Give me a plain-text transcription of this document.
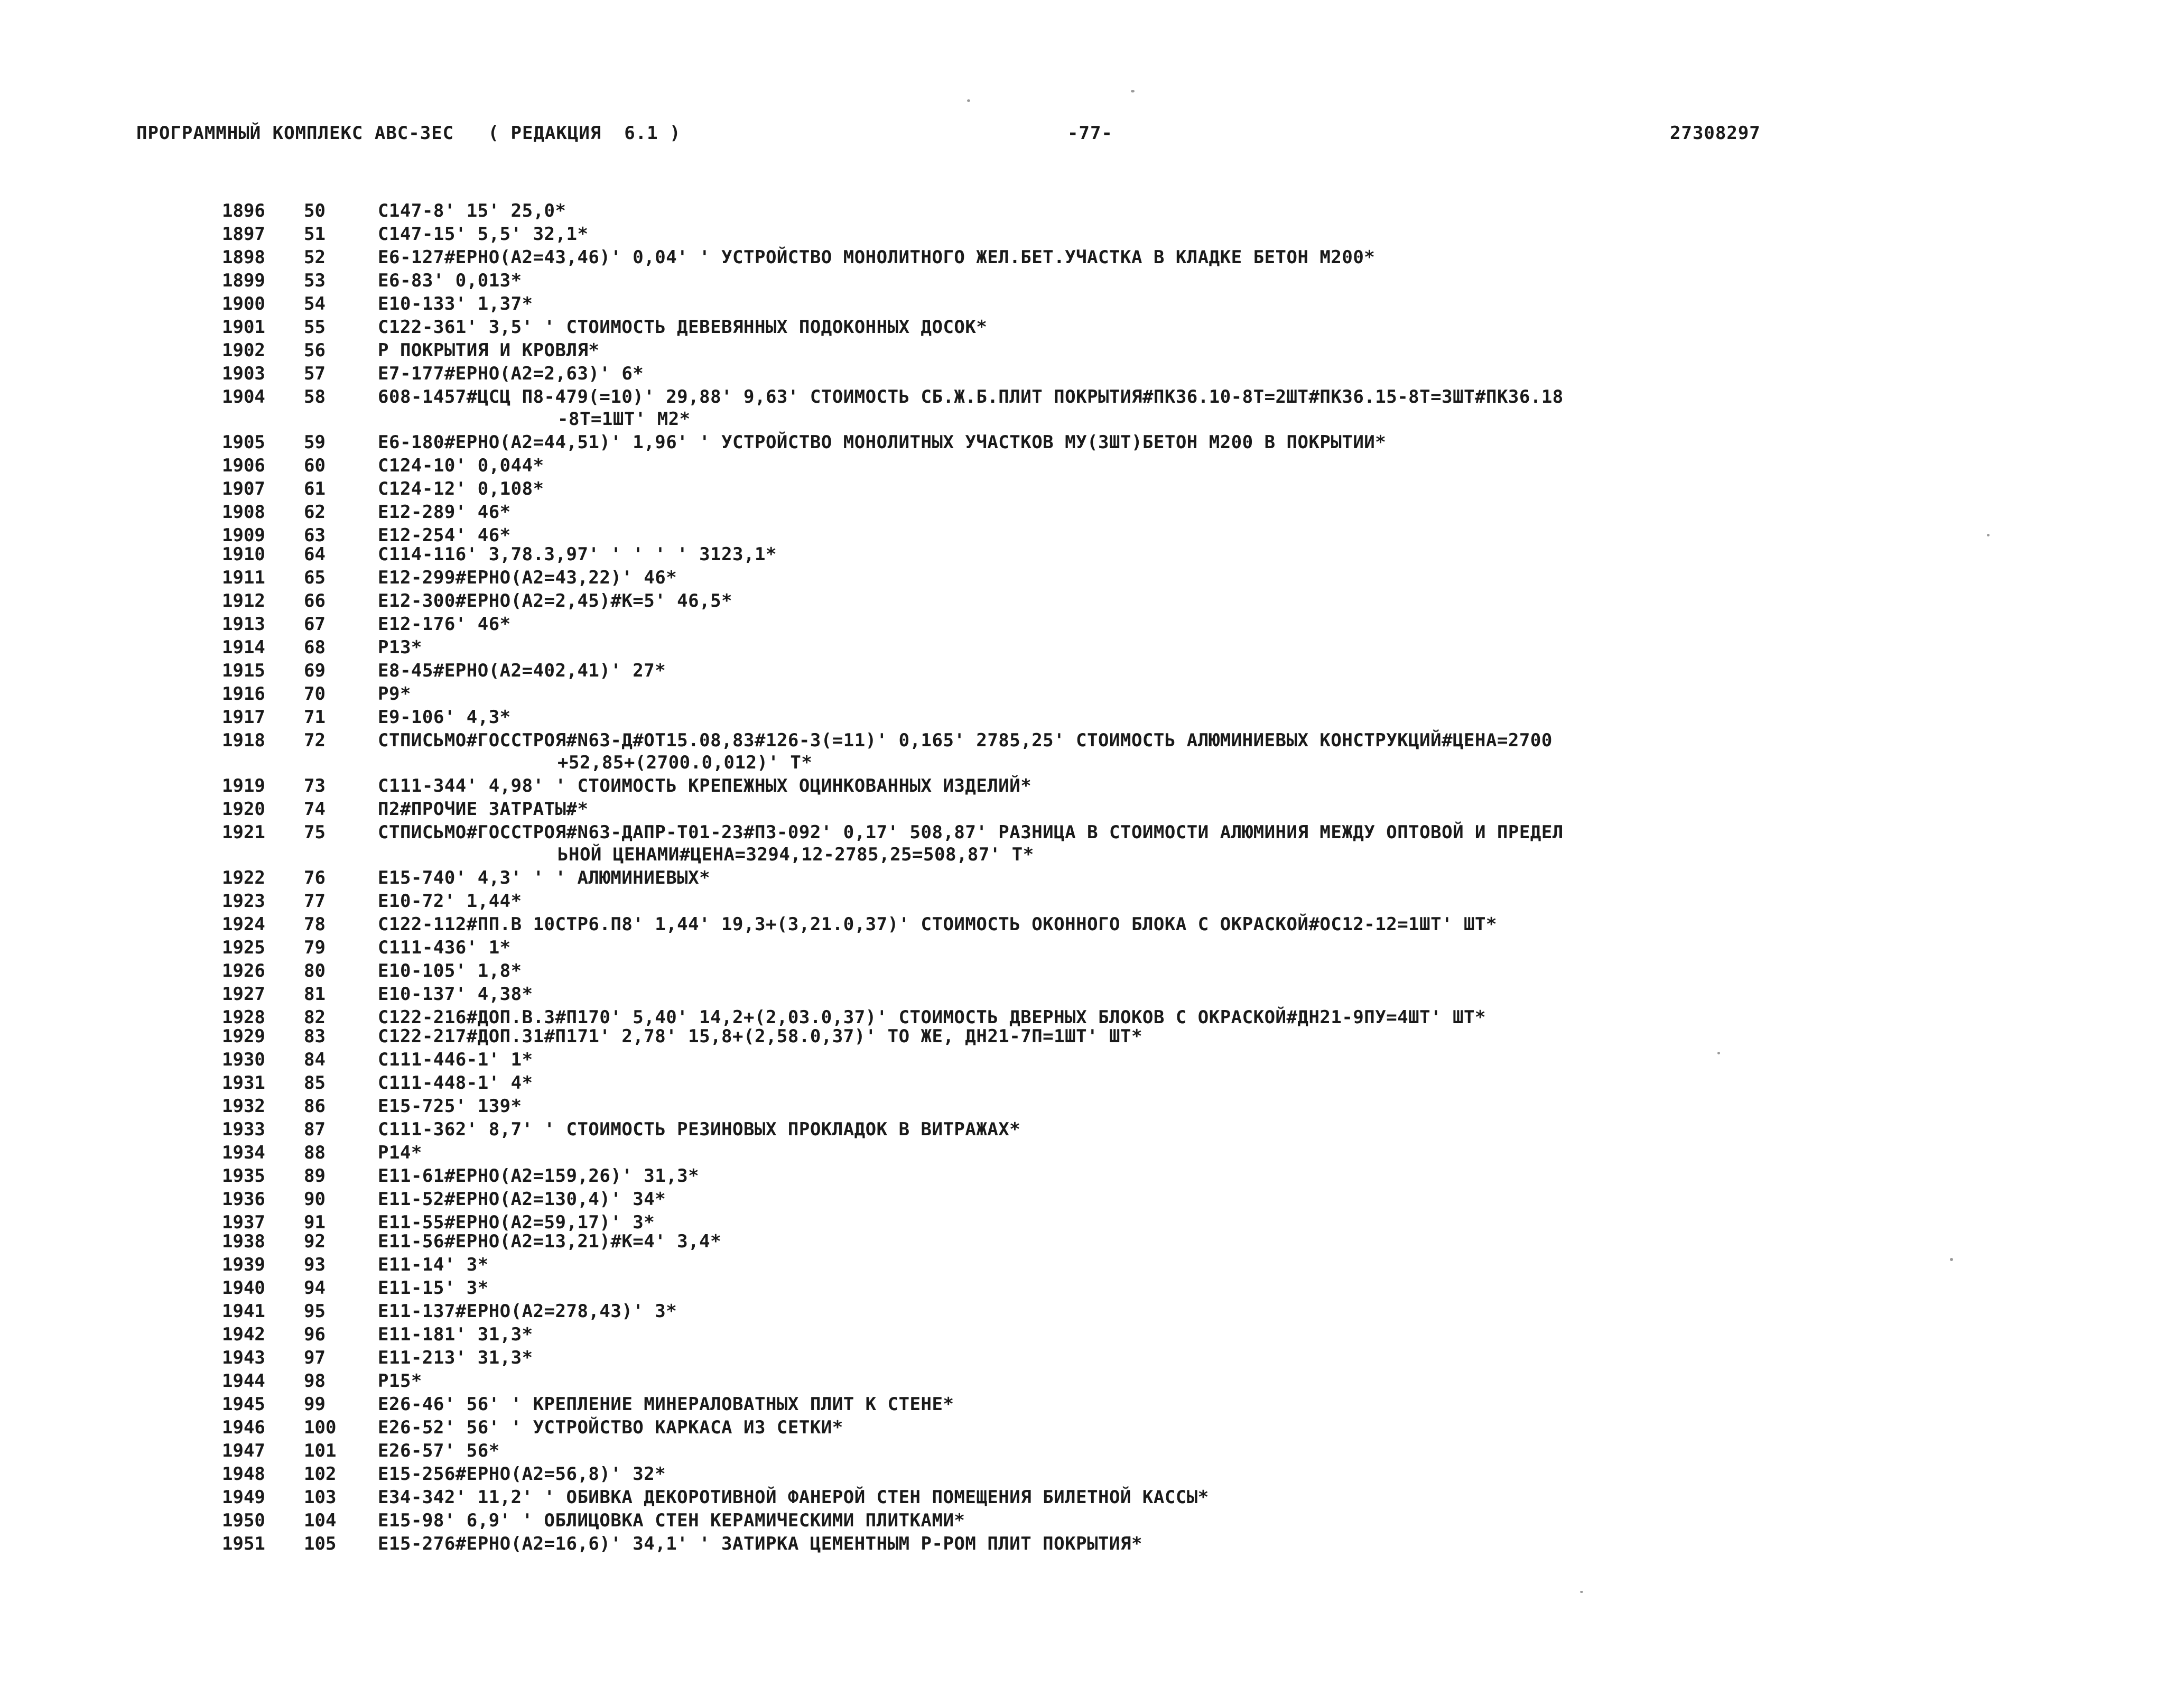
ПРОГРАММНЫЙ КОМПЛЕКС АВС-3ЕС   ( РЕДАКЦИЯ  6.1 )	-77-	27308297
1896	50	С147-8' 15' 25,0*
1897	51	С147-15' 5,5' 32,1*
1898	52	Е6-127#ЕРНО(А2=43,46)' 0,04' ' УСТРОЙСТВО МОНОЛИТНОГО ЖЕЛ.БЕТ.УЧАСТКА В КЛАДКЕ БЕТОН М200*
1899	53	Е6-83' 0,013*
1900	54	Е10-133' 1,37*
1901	55	С122-361' 3,5' ' СТОИМОСТЬ ДЕВЕВЯННЫХ ПОДОКОННЫХ ДОСОК*
1902	56	Р ПОКРЫТИЯ И КРОВЛЯ*
1903	57	Е7-177#ЕРНО(А2=2,63)' 6*
1904	58	608-1457#ЦСЦ П8-479(=10)' 29,88' 9,63' СТОИМОСТЬ СБ.Ж.Б.ПЛИТ ПОКРЫТИЯ#ПК36.10-8Т=2ШТ#ПК36.15-8Т=3ШТ#ПК36.18
-8Т=1ШТ' М2*
1905	59	Е6-180#ЕРНО(А2=44,51)' 1,96' ' УСТРОЙСТВО МОНОЛИТНЫХ УЧАСТКОВ МУ(3ШТ)БЕТОН М200 В ПОКРЫТИИ*
1906	60	С124-10' 0,044*
1907	61	С124-12' 0,108*
1908	62	Е12-289' 46*
1909	63	Е12-254' 46*
1910	64	С114-116' 3,78.3,97' ' ' ' ' 3123,1*
1911	65	Е12-299#ЕРНО(А2=43,22)' 46*
1912	66	Е12-300#ЕРНО(А2=2,45)#К=5' 46,5*
1913	67	Е12-176' 46*
1914	68	Р13*
1915	69	Е8-45#ЕРНО(А2=402,41)' 27*
1916	70	Р9*
1917	71	Е9-106' 4,3*
1918	72	СТПИСЬМО#ГОССТРОЯ#N63-Д#ОТ15.08,83#126-3(=11)' 0,165' 2785,25' СТОИМОСТЬ АЛЮМИНИЕВЫХ КОНСТРУКЦИЙ#ЦЕНА=2700
+52,85+(2700.0,012)' Т*
1919	73	С111-344' 4,98' ' СТОИМОСТЬ КРЕПЕЖНЫХ ОЦИНКОВАННЫХ ИЗДЕЛИЙ*
1920	74	П2#ПРОЧИЕ ЗАТРАТЫ#*
1921	75	СТПИСЬМО#ГОССТРОЯ#N63-ДАПР-Т01-23#П3-092' 0,17' 508,87' РАЗНИЦА В СТОИМОСТИ АЛЮМИНИЯ МЕЖДУ ОПТОВОЙ И ПРЕДЕЛ
ЬНОЙ ЦЕНАМИ#ЦЕНА=3294,12-2785,25=508,87' Т*
1922	76	Е15-740' 4,3' ' ' АЛЮМИНИЕВЫХ*
1923	77	Е10-72' 1,44*
1924	78	С122-112#ПП.В 10СТР6.П8' 1,44' 19,3+(3,21.0,37)' СТОИМОСТЬ ОКОННОГО БЛОКА С ОКРАСКОЙ#ОС12-12=1ШТ' ШТ*
1925	79	С111-436' 1*
1926	80	Е10-105' 1,8*
1927	81	Е10-137' 4,38*
1928	82	С122-216#ДОП.В.3#П170' 5,40' 14,2+(2,03.0,37)' СТОИМОСТЬ ДВЕРНЫХ БЛОКОВ С ОКРАСКОЙ#ДН21-9ПУ=4ШТ' ШТ*
1929	83	С122-217#ДОП.З1#П171' 2,78' 15,8+(2,58.0,37)' ТО ЖЕ, ДН21-7П=1ШТ' ШТ*
1930	84	С111-446-1' 1*
1931	85	С111-448-1' 4*
1932	86	Е15-725' 139*
1933	87	С111-362' 8,7' ' СТОИМОСТЬ РЕЗИНОВЫХ ПРОКЛАДОК В ВИТРАЖАХ*
1934	88	Р14*
1935	89	Е11-61#ЕРНО(А2=159,26)' 31,3*
1936	90	Е11-52#ЕРНО(А2=130,4)' 34*
1937	91	Е11-55#ЕРНО(А2=59,17)' 3*
1938	92	Е11-56#ЕРНО(А2=13,21)#К=4' 3,4*
1939	93	Е11-14' 3*
1940	94	Е11-15' 3*
1941	95	Е11-137#ЕРНО(А2=278,43)' 3*
1942	96	Е11-181' 31,3*
1943	97	Е11-213' 31,3*
1944	98	Р15*
1945	99	Е26-46' 56' ' КРЕПЛЕНИЕ МИНЕРАЛОВАТНЫХ ПЛИТ К СТЕНЕ*
1946	100	Е26-52' 56' ' УСТРОЙСТВО КАРКАСА ИЗ СЕТКИ*
1947	101	Е26-57' 56*
1948	102	Е15-256#ЕРНО(А2=56,8)' 32*
1949	103	Е34-342' 11,2' ' ОБИВКА ДЕКОРОТИВНОЙ ФАНЕРОЙ СТЕН ПОМЕЩЕНИЯ БИЛЕТНОЙ КАССЫ*
1950	104	Е15-98' 6,9' ' ОБЛИЦОВКА СТЕН КЕРАМИЧЕСКИМИ ПЛИТКАМИ*
1951	105	Е15-276#ЕРНО(А2=16,6)' 34,1' ' ЗАТИРКА ЦЕМЕНТНЫМ Р-РОМ ПЛИТ ПОКРЫТИЯ*
